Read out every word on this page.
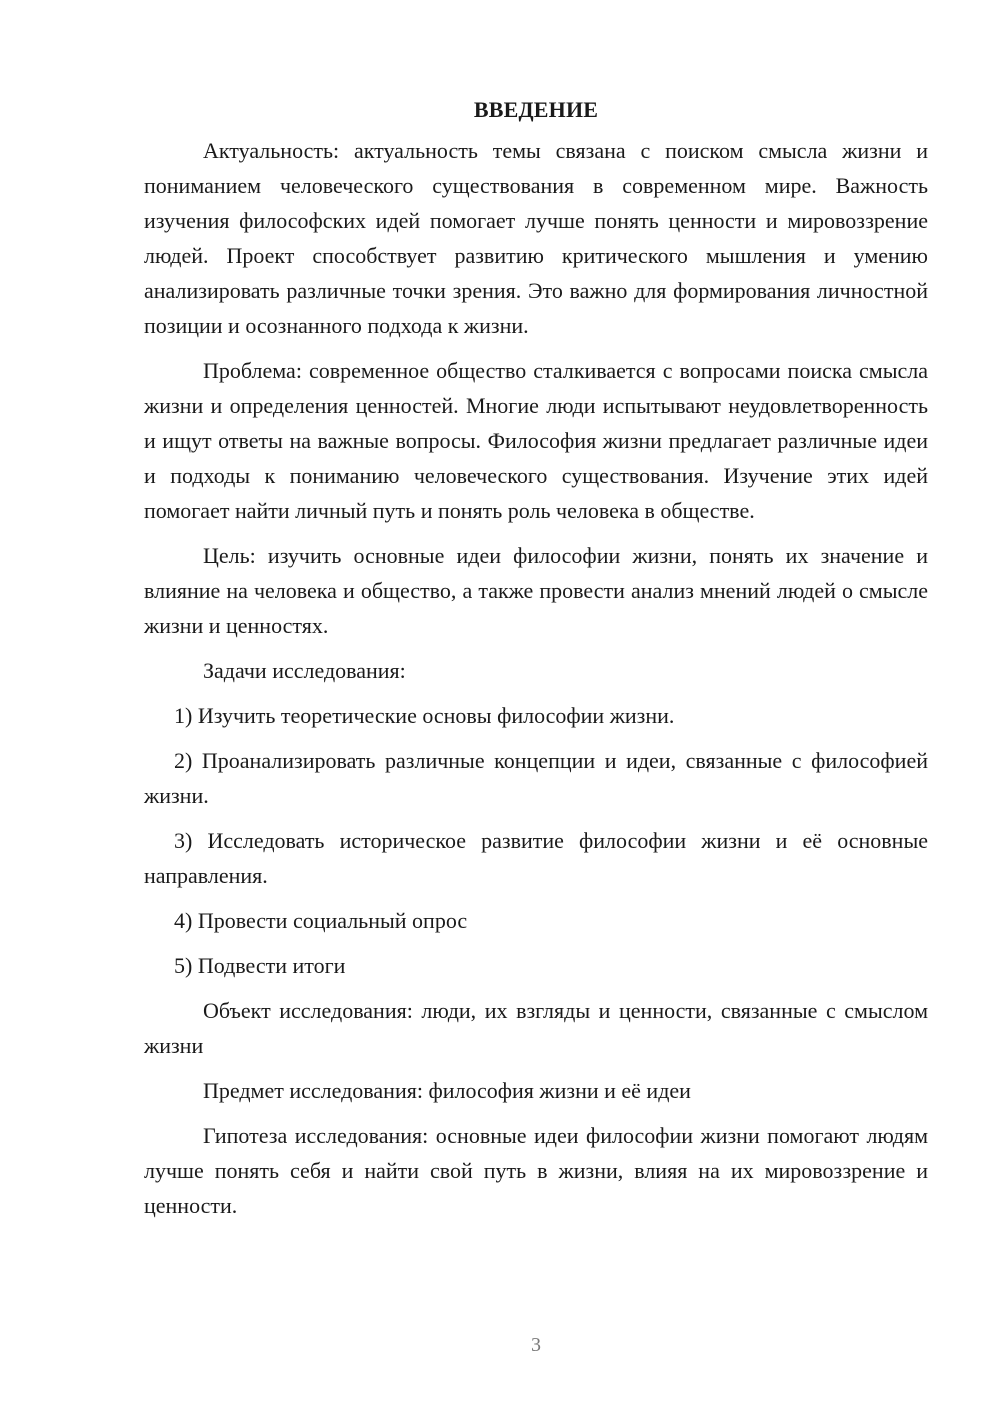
ВВЕДЕНИЕ

Актуальность: актуальность темы связана с поиском смысла жизни и пониманием человеческого существования в современном мире. Важность изучения философских идей помогает лучше понять ценности и мировоззрение людей. Проект способствует развитию критического мышления и умению анализировать различные точки зрения. Это важно для формирования личностной позиции и осознанного подхода к жизни.

Проблема: современное общество сталкивается с вопросами поиска смысла жизни и определения ценностей. Многие люди испытывают неудовлетворенность и ищут ответы на важные вопросы. Философия жизни предлагает различные идеи и подходы к пониманию человеческого существования. Изучение этих идей помогает найти личный путь и понять роль человека в обществе.

Цель: изучить основные идеи философии жизни, понять их значение и влияние на человека и общество, а также провести анализ мнений людей о смысле жизни и ценностях.

Задачи исследования:

1) Изучить теоретические основы философии жизни.

2) Проанализировать различные концепции и идеи, связанные с философией жизни.

3) Исследовать историческое развитие философии жизни и её основные направления.

4) Провести социальный опрос

5) Подвести итоги

Объект исследования: люди, их взгляды и ценности, связанные с смыслом жизни

Предмет исследования: философия жизни и её идеи

Гипотеза исследования: основные идеи философии жизни помогают людям лучше понять себя и найти свой путь в жизни, влияя на их мировоззрение и ценности.

3
